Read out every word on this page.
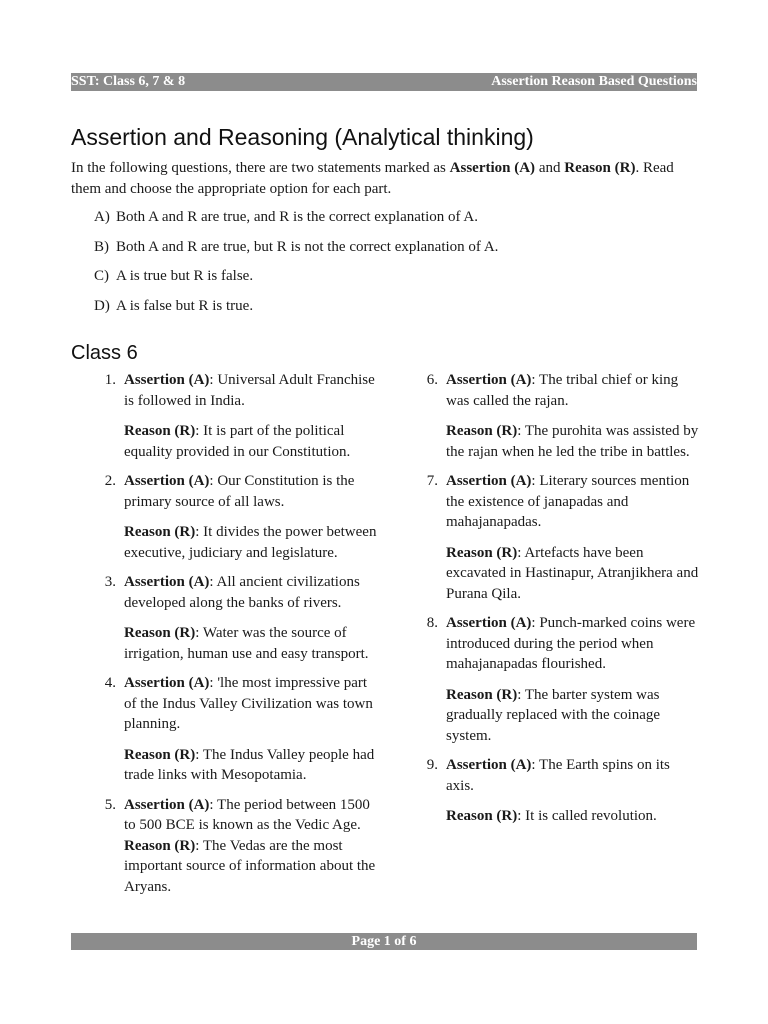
SST: Class 6, 7 & 8	Assertion Reason Based Questions
Assertion and Reasoning (Analytical thinking)

In the following questions, there are two statements marked as Assertion (A) and Reason (R). Read them and choose the appropriate option for each part.

A) Both A and R are true, and R is the correct explanation of A.
B) Both A and R are true, but R is not the correct explanation of A.
C) A is true but R is false.
D) A is false but R is true.
Class 6
1. Assertion (A): Universal Adult Franchise is followed in India.

Reason (R): It is part of the political equality provided in our Constitution.

2. Assertion (A): Our Constitution is the primary source of all laws.

Reason (R): It divides the power between executive, judiciary and legislature.

3. Assertion (A): All ancient civilizations developed along the banks of rivers.

Reason (R): Water was the source of irrigation, human use and easy transport.

4. Assertion (A): 'lhe most impressive part of the Indus Valley Civilization was town planning.

Reason (R): The Indus Valley people had trade links with Mesopotamia.

5. Assertion (A): The period between 1500 to 500 BCE is known as the Vedic Age.

Reason (R): The Vedas are the most important source of information about the Aryans.

6. Assertion (A): The tribal chief or king was called the rajan.

Reason (R): The purohita was assisted by the rajan when he led the tribe in battles.

7. Assertion (A): Literary sources mention the existence of janapadas and mahajanapadas.

Reason (R): Artefacts have been excavated in Hastinapur, Atranjikhera and Purana Qila.

8. Assertion (A): Punch-marked coins were introduced during the period when mahajanapadas flourished.

Reason (R): The barter system was gradually replaced with the coinage system.

9. Assertion (A): The Earth spins on its axis.

Reason (R): It is called revolution.

Page 1 of 6
